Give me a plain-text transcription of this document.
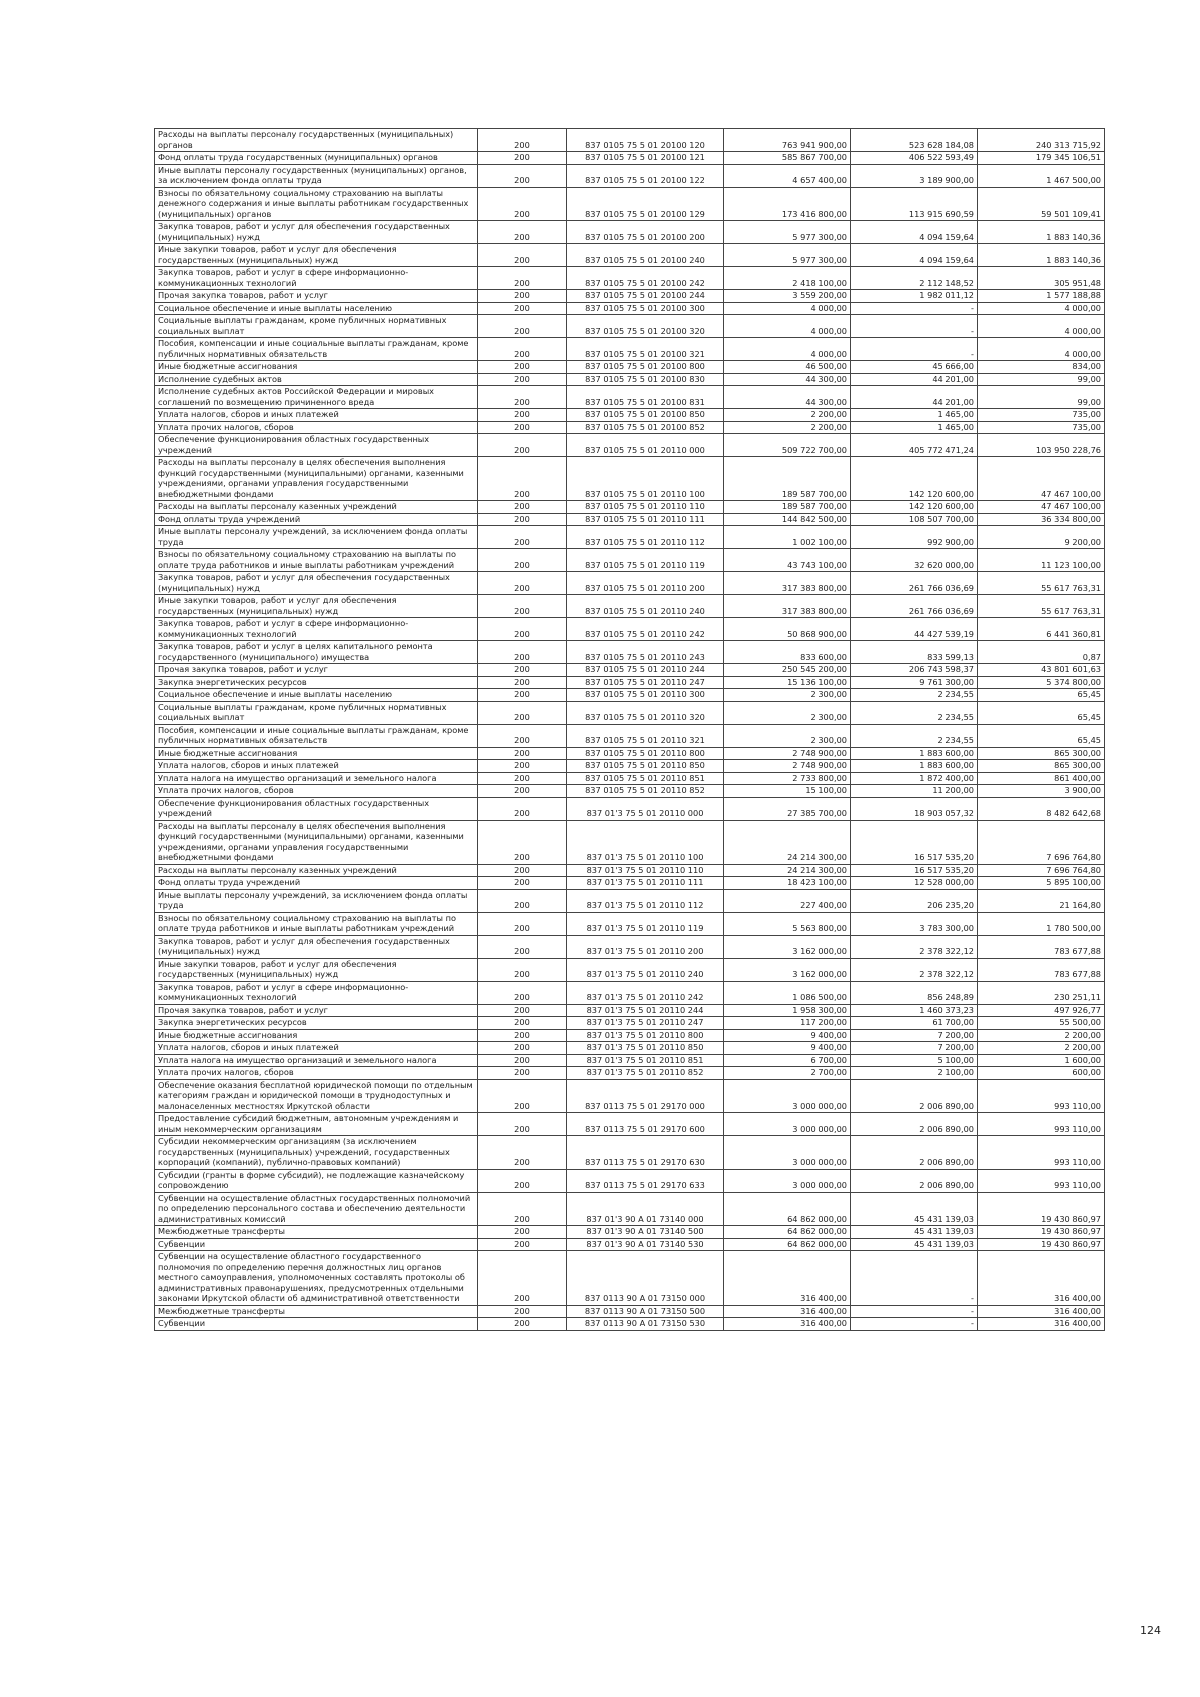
Расходы на выплаты персоналу государственных (муниципальных) органов	200	837 0105 75 5 01 20100 120	763 941 900,00	523 628 184,08	240 313 715,92
Фонд оплаты труда государственных (муниципальных) органов	200	837 0105 75 5 01 20100 121	585 867 700,00	406 522 593,49	179 345 106,51
Иные выплаты персоналу государственных (муниципальных) органов, за исключением фонда оплаты труда	200	837 0105 75 5 01 20100 122	4 657 400,00	3 189 900,00	1 467 500,00
Взносы по обязательному социальному страхованию на выплаты денежного содержания и иные выплаты работникам государственных (муниципальных) органов	200	837 0105 75 5 01 20100 129	173 416 800,00	113 915 690,59	59 501 109,41
Закупка товаров, работ и услуг для обеспечения государственных (муниципальных) нужд	200	837 0105 75 5 01 20100 200	5 977 300,00	4 094 159,64	1 883 140,36
Иные закупки товаров, работ и услуг для обеспечения государственных (муниципальных) нужд	200	837 0105 75 5 01 20100 240	5 977 300,00	4 094 159,64	1 883 140,36
Закупка товаров, работ и услуг в сфере информационно-коммуникационных технологий	200	837 0105 75 5 01 20100 242	2 418 100,00	2 112 148,52	305 951,48
Прочая закупка товаров, работ и услуг	200	837 0105 75 5 01 20100 244	3 559 200,00	1 982 011,12	1 577 188,88
Социальное обеспечение и иные выплаты населению	200	837 0105 75 5 01 20100 300	4 000,00	-	4 000,00
Социальные выплаты гражданам, кроме публичных нормативных социальных выплат	200	837 0105 75 5 01 20100 320	4 000,00	-	4 000,00
Пособия, компенсации и иные социальные выплаты гражданам, кроме публичных нормативных обязательств	200	837 0105 75 5 01 20100 321	4 000,00	-	4 000,00
Иные бюджетные ассигнования	200	837 0105 75 5 01 20100 800	46 500,00	45 666,00	834,00
Исполнение судебных актов	200	837 0105 75 5 01 20100 830	44 300,00	44 201,00	99,00
Исполнение судебных актов Российской Федерации и мировых соглашений по возмещению причиненного вреда	200	837 0105 75 5 01 20100 831	44 300,00	44 201,00	99,00
Уплата налогов, сборов и иных платежей	200	837 0105 75 5 01 20100 850	2 200,00	1 465,00	735,00
Уплата прочих налогов, сборов	200	837 0105 75 5 01 20100 852	2 200,00	1 465,00	735,00
Обеспечение функционирования областных государственных учреждений	200	837 0105 75 5 01 20110 000	509 722 700,00	405 772 471,24	103 950 228,76
Расходы на выплаты персоналу в целях обеспечения выполнения функций государственными (муниципальными) органами, казенными учреждениями, органами управления государственными внебюджетными фондами	200	837 0105 75 5 01 20110 100	189 587 700,00	142 120 600,00	47 467 100,00
Расходы на выплаты персоналу казенных учреждений	200	837 0105 75 5 01 20110 110	189 587 700,00	142 120 600,00	47 467 100,00
Фонд оплаты труда учреждений	200	837 0105 75 5 01 20110 111	144 842 500,00	108 507 700,00	36 334 800,00
Иные выплаты персоналу учреждений, за исключением фонда оплаты труда	200	837 0105 75 5 01 20110 112	1 002 100,00	992 900,00	9 200,00
Взносы по обязательному социальному страхованию на выплаты по оплате труда работников и иные выплаты работникам учреждений	200	837 0105 75 5 01 20110 119	43 743 100,00	32 620 000,00	11 123 100,00
Закупка товаров, работ и услуг для обеспечения государственных (муниципальных) нужд	200	837 0105 75 5 01 20110 200	317 383 800,00	261 766 036,69	55 617 763,31
Иные закупки товаров, работ и услуг для обеспечения государственных (муниципальных) нужд	200	837 0105 75 5 01 20110 240	317 383 800,00	261 766 036,69	55 617 763,31
Закупка товаров, работ и услуг в сфере информационно-коммуникационных технологий	200	837 0105 75 5 01 20110 242	50 868 900,00	44 427 539,19	6 441 360,81
Закупка товаров, работ и услуг в целях капитального ремонта государственного (муниципального) имущества	200	837 0105 75 5 01 20110 243	833 600,00	833 599,13	0,87
Прочая закупка товаров, работ и услуг	200	837 0105 75 5 01 20110 244	250 545 200,00	206 743 598,37	43 801 601,63
Закупка энергетических ресурсов	200	837 0105 75 5 01 20110 247	15 136 100,00	9 761 300,00	5 374 800,00
Социальное обеспечение и иные выплаты населению	200	837 0105 75 5 01 20110 300	2 300,00	2 234,55	65,45
Социальные выплаты гражданам, кроме публичных нормативных социальных выплат	200	837 0105 75 5 01 20110 320	2 300,00	2 234,55	65,45
Пособия, компенсации и иные социальные выплаты гражданам, кроме публичных нормативных обязательств	200	837 0105 75 5 01 20110 321	2 300,00	2 234,55	65,45
Иные бюджетные ассигнования	200	837 0105 75 5 01 20110 800	2 748 900,00	1 883 600,00	865 300,00
Уплата налогов, сборов и иных платежей	200	837 0105 75 5 01 20110 850	2 748 900,00	1 883 600,00	865 300,00
Уплата налога на имущество организаций и земельного налога	200	837 0105 75 5 01 20110 851	2 733 800,00	1 872 400,00	861 400,00
Уплата прочих налогов, сборов	200	837 0105 75 5 01 20110 852	15 100,00	11 200,00	3 900,00
Обеспечение функционирования областных государственных учреждений	200	837 01'3 75 5 01 20110 000	27 385 700,00	18 903 057,32	8 482 642,68
Расходы на выплаты персоналу в целях обеспечения выполнения функций государственными (муниципальными) органами, казенными учреждениями, органами управления государственными внебюджетными фондами	200	837 01'3 75 5 01 20110 100	24 214 300,00	16 517 535,20	7 696 764,80
Расходы на выплаты персоналу казенных учреждений	200	837 01'3 75 5 01 20110 110	24 214 300,00	16 517 535,20	7 696 764,80
Фонд оплаты труда учреждений	200	837 01'3 75 5 01 20110 111	18 423 100,00	12 528 000,00	5 895 100,00
Иные выплаты персоналу учреждений, за исключением фонда оплаты труда	200	837 01'3 75 5 01 20110 112	227 400,00	206 235,20	21 164,80
Взносы по обязательному социальному страхованию на выплаты по оплате труда работников и иные выплаты работникам учреждений	200	837 01'3 75 5 01 20110 119	5 563 800,00	3 783 300,00	1 780 500,00
Закупка товаров, работ и услуг для обеспечения государственных (муниципальных) нужд	200	837 01'3 75 5 01 20110 200	3 162 000,00	2 378 322,12	783 677,88
Иные закупки товаров, работ и услуг для обеспечения государственных (муниципальных) нужд	200	837 01'3 75 5 01 20110 240	3 162 000,00	2 378 322,12	783 677,88
Закупка товаров, работ и услуг в сфере информационно-коммуникационных технологий	200	837 01'3 75 5 01 20110 242	1 086 500,00	856 248,89	230 251,11
Прочая закупка товаров, работ и услуг	200	837 01'3 75 5 01 20110 244	1 958 300,00	1 460 373,23	497 926,77
Закупка энергетических ресурсов	200	837 01'3 75 5 01 20110 247	117 200,00	61 700,00	55 500,00
Иные бюджетные ассигнования	200	837 01'3 75 5 01 20110 800	9 400,00	7 200,00	2 200,00
Уплата налогов, сборов и иных платежей	200	837 01'3 75 5 01 20110 850	9 400,00	7 200,00	2 200,00
Уплата налога на имущество организаций и земельного налога	200	837 01'3 75 5 01 20110 851	6 700,00	5 100,00	1 600,00
Уплата прочих налогов, сборов	200	837 01'3 75 5 01 20110 852	2 700,00	2 100,00	600,00
Обеспечение оказания бесплатной юридической помощи по отдельным категориям граждан и юридической помощи в труднодоступных и малонаселенных местностях Иркутской области	200	837 0113 75 5 01 29170 000	3 000 000,00	2 006 890,00	993 110,00
Предоставление субсидий бюджетным, автономным учреждениям и иным некоммерческим организациям	200	837 0113 75 5 01 29170 600	3 000 000,00	2 006 890,00	993 110,00
Субсидии некоммерческим организациям (за исключением государственных (муниципальных) учреждений, государственных корпораций (компаний), публично-правовых компаний)	200	837 0113 75 5 01 29170 630	3 000 000,00	2 006 890,00	993 110,00
Субсидии (гранты в форме субсидий), не подлежащие казначейскому сопровождению	200	837 0113 75 5 01 29170 633	3 000 000,00	2 006 890,00	993 110,00
Субвенции на осуществление областных государственных полномочий по определению персонального состава и обеспечению деятельности административных комиссий	200	837 01'3 90 A 01 73140 000	64 862 000,00	45 431 139,03	19 430 860,97
Межбюджетные трансферты	200	837 01'3 90 A 01 73140 500	64 862 000,00	45 431 139,03	19 430 860,97
Субвенции	200	837 01'3 90 A 01 73140 530	64 862 000,00	45 431 139,03	19 430 860,97
Субвенции на осуществление областного государственного полномочия по определению перечня должностных лиц органов местного самоуправления, уполномоченных составлять протоколы об административных правонарушениях, предусмотренных отдельными законами Иркутской области об административной ответственности	200	837 0113 90 A 01 73150 000	316 400,00	-	316 400,00
Межбюджетные трансферты	200	837 0113 90 A 01 73150 500	316 400,00	-	316 400,00
Субвенции	200	837 0113 90 A 01 73150 530	316 400,00	-	316 400,00
124
